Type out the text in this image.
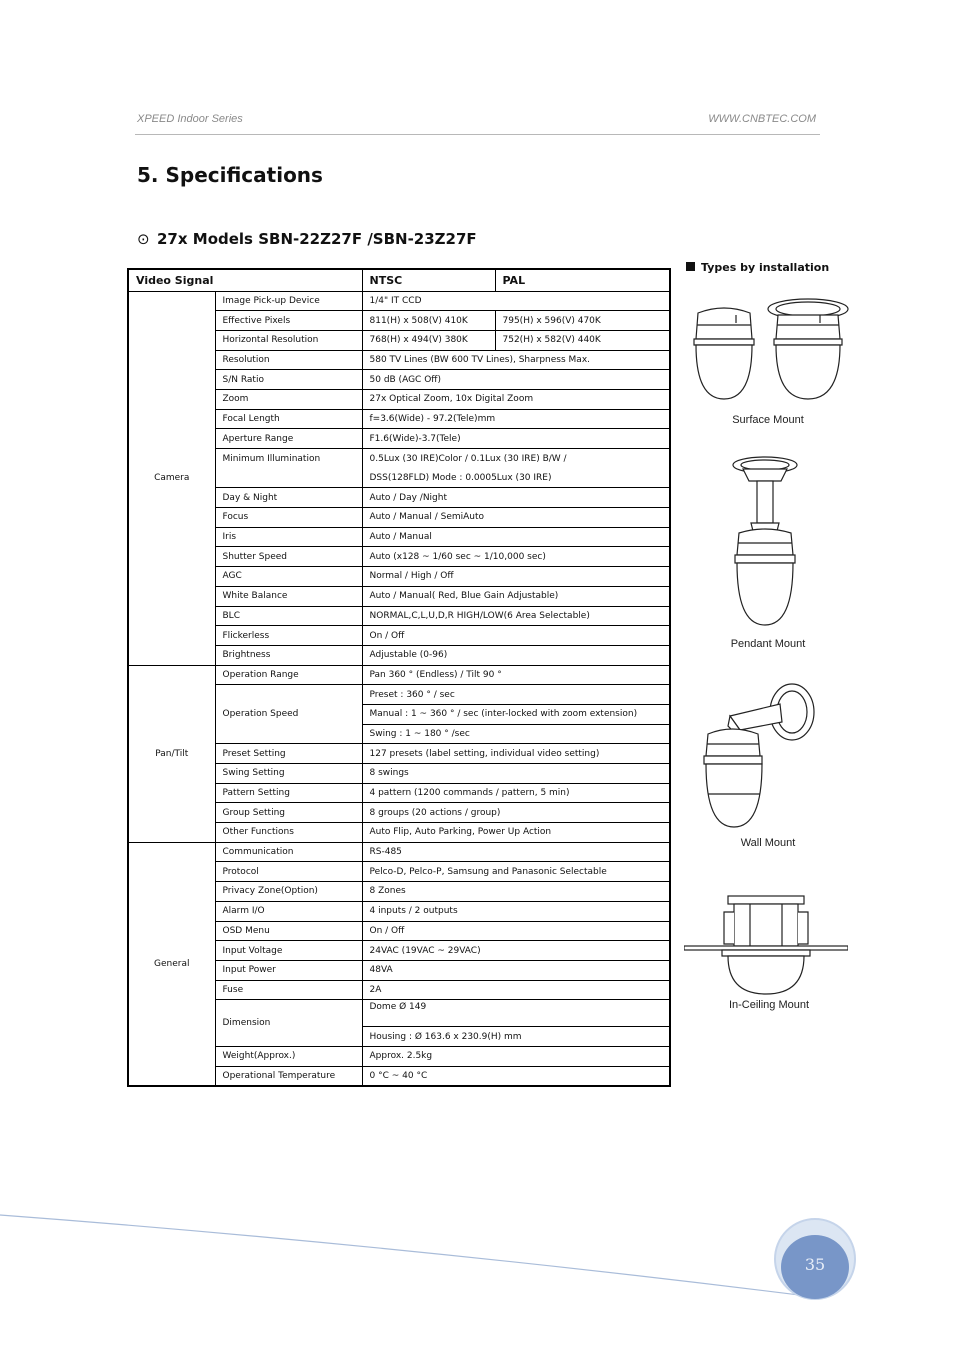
XPEED Indoor Series	WWW.CNBTEC.COM
5. Specifications
⊙ 27x Models SBN-22Z27F /SBN-23Z27F
Video Signal		NTSC	PAL
Camera	Image Pick-up Device	1/4" IT CCD	
	Effective Pixels	811(H) x 508(V) 410K	795(H) x 596(V) 470K
	Horizontal Resolution	768(H) x 494(V) 380K	752(H) x 582(V) 440K
	Resolution	580 TV Lines (BW 600 TV Lines), Sharpness Max.	
	S/N Ratio	50 dB (AGC Off)	
	Zoom	27x Optical Zoom, 10x Digital Zoom	
	Focal Length	f=3.6(Wide) - 97.2(Tele)mm	
	Aperture Range	F1.6(Wide)-3.7(Tele)	
	Minimum Illumination	0.5Lux (30 IRE)Color / 0.1Lux (30 IRE) B/W /	
		DSS(128FLD) Mode : 0.0005Lux (30 IRE)	
	Day & Night	Auto / Day /Night	
	Focus	Auto / Manual / SemiAuto	
	Iris	Auto / Manual	
	Shutter Speed	Auto (x128 ~ 1/60 sec ~ 1/10,000 sec)	
	AGC	Normal / High / Off	
	White Balance	Auto / Manual( Red, Blue Gain Adjustable)	
	BLC	NORMAL,C,L,U,D,R HIGH/LOW(6 Area Selectable)	
	Flickerless	On / Off	
	Brightness	Adjustable (0-96)	
Pan/Tilt	Operation Range	Pan 360 ° (Endless) / Tilt 90 °	
	Operation Speed	Preset : 360 ° / sec	
		Manual : 1 ~ 360 ° / sec (inter-locked with zoom extension)	
		Swing : 1 ~ 180 ° /sec	
	Preset Setting	127 presets (label setting, individual video setting)	
	Swing Setting	8 swings	
	Pattern Setting	4 pattern (1200 commands / pattern, 5 min)	
	Group Setting	8 groups (20 actions / group)	
	Other Functions	Auto Flip, Auto Parking, Power Up Action	
General	Communication	RS-485	
	Protocol	Pelco-D, Pelco-P, Samsung and Panasonic Selectable	
	Privacy Zone(Option)	8 Zones	
	Alarm I/O	4 inputs / 2 outputs	
	OSD Menu	On / Off	
	Input Voltage	24VAC (19VAC ~ 29VAC)	
	Input Power	48VA	
	Fuse	2A	
	Dimension	Dome Ø 149	
		Housing : Ø 163.6 x 230.9(H) mm	
	Weight(Approx.)	Approx. 2.5kg	
	Operational Temperature	0 °C ~ 40 °C	
Types by installation
Surface Mount
Pendant Mount
Wall Mount
In-Ceiling Mount
35
